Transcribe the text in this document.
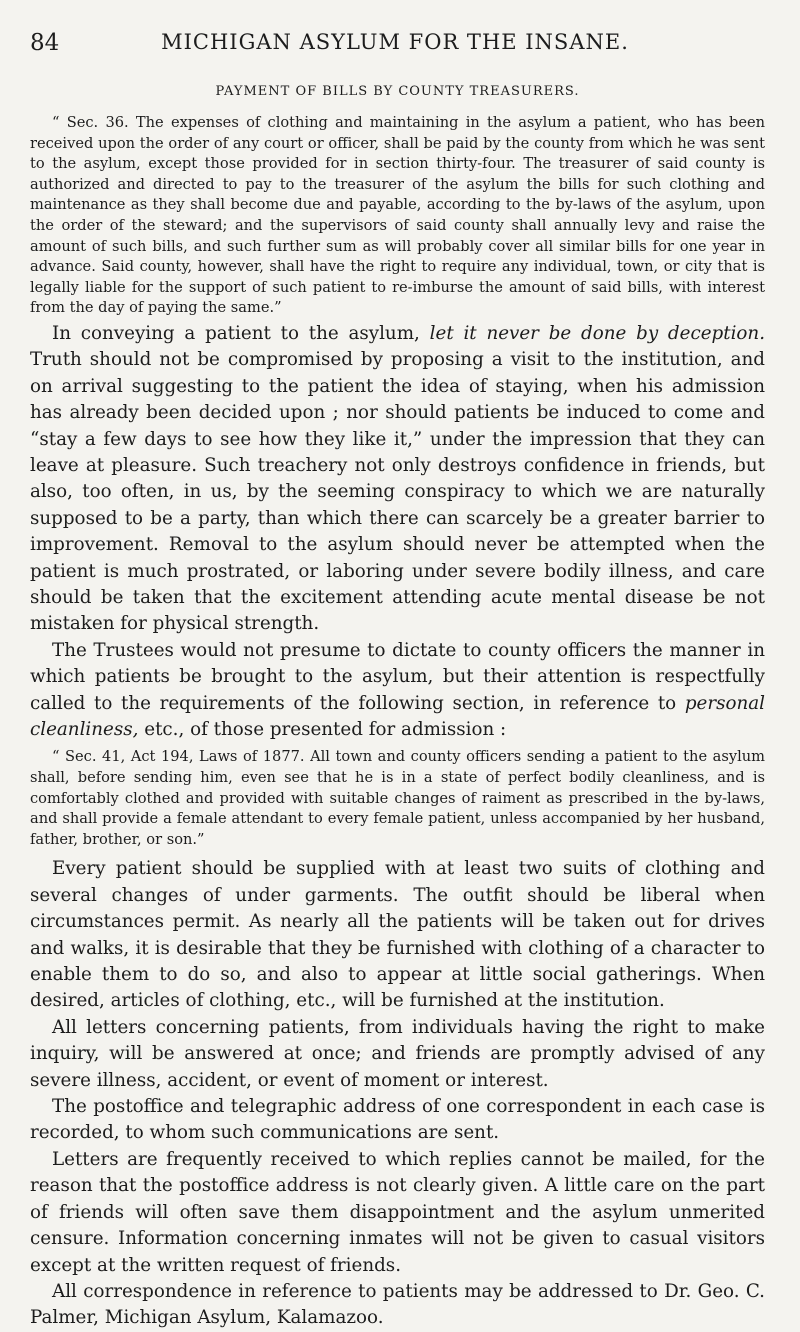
84	MICHIGAN ASYLUM FOR THE INSANE.
PAYMENT OF BILLS BY COUNTY TREASURERS.

“ Sec. 36. The expenses of clothing and maintaining in the asylum a patient, who has been received upon the order of any court or officer, shall be paid by the county from which he was sent to the asylum, except those provided for in section thirty-four. The treasurer of said county is authorized and directed to pay to the treasurer of the asylum the bills for such clothing and maintenance as they shall become due and payable, according to the by-laws of the asylum, upon the order of the steward; and the supervisors of said county shall annually levy and raise the amount of such bills, and such further sum as will probably cover all similar bills for one year in advance. Said county, however, shall have the right to require any individual, town, or city that is legally liable for the support of such patient to re-imburse the amount of said bills, with interest from the day of paying the same.”

In conveying a patient to the asylum, let it never be done by deception. Truth should not be compromised by proposing a visit to the institution, and on arrival suggesting to the patient the idea of staying, when his admission has already been decided upon ; nor should patients be induced to come and “stay a few days to see how they like it,” under the impression that they can leave at pleasure. Such treachery not only destroys confidence in friends, but also, too often, in us, by the seeming conspiracy to which we are naturally supposed to be a party, than which there can scarcely be a greater barrier to improvement. Removal to the asylum should never be attempted when the patient is much prostrated, or laboring under severe bodily illness, and care should be taken that the excitement attending acute mental disease be not mistaken for physical strength.

The Trustees would not presume to dictate to county officers the manner in which patients be brought to the asylum, but their attention is respectfully called to the requirements of the following section, in reference to personal cleanliness, etc., of those presented for admission :

“ Sec. 41, Act 194, Laws of 1877. All town and county officers sending a patient to the asylum shall, before sending him, even see that he is in a state of perfect bodily cleanliness, and is comfortably clothed and provided with suitable changes of raiment as prescribed in the by-laws, and shall provide a female attendant to every female patient, unless accompanied by her husband, father, brother, or son.”

Every patient should be supplied with at least two suits of clothing and several changes of under garments. The outfit should be liberal when circumstances permit. As nearly all the patients will be taken out for drives and walks, it is desirable that they be furnished with clothing of a character to enable them to do so, and also to appear at little social gatherings. When desired, articles of clothing, etc., will be furnished at the institution.

All letters concerning patients, from individuals having the right to make inquiry, will be answered at once; and friends are promptly advised of any severe illness, accident, or event of moment or interest.

The postoffice and telegraphic address of one correspondent in each case is recorded, to whom such communications are sent.

Letters are frequently received to which replies cannot be mailed, for the reason that the postoffice address is not clearly given. A little care on the part of friends will often save them disappointment and the asylum unmerited censure. Information concerning inmates will not be given to casual visitors except at the written request of friends.

All correspondence in reference to patients may be addressed to Dr. Geo. C. Palmer, Michigan Asylum, Kalamazoo.
